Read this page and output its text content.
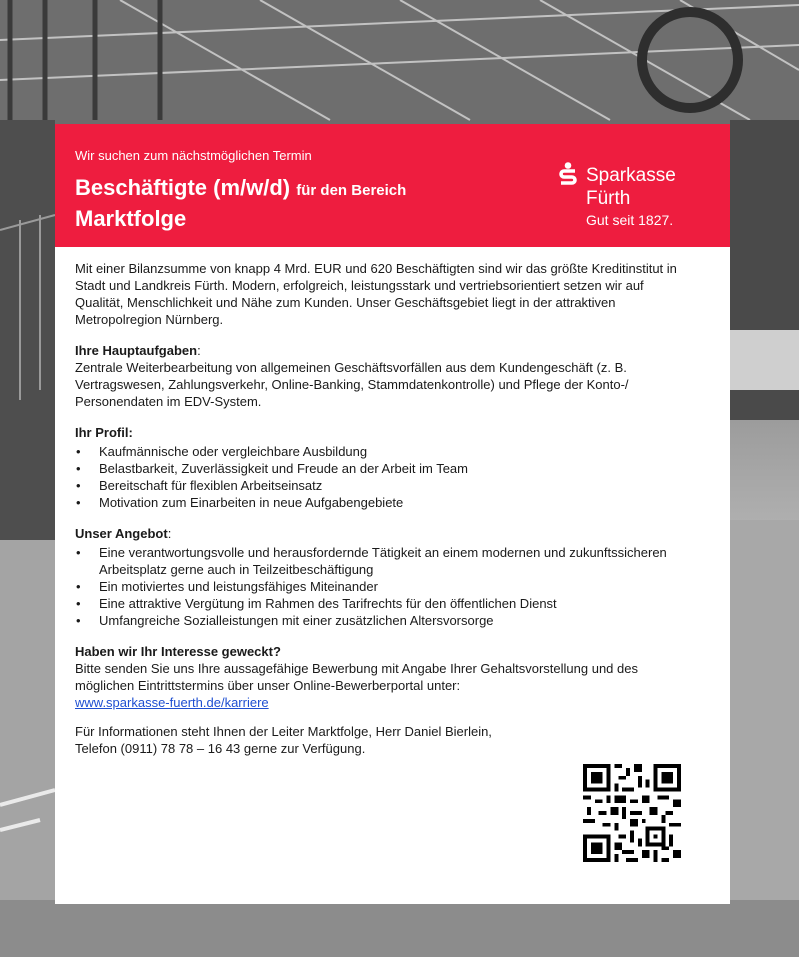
Wir suchen zum nächstmöglichen Termin
Beschäftigte (m/w/d) für den Bereich
Marktfolge
Sparkasse
Fürth
Gut seit 1827.

Mit einer Bilanzsumme von knapp 4 Mrd. EUR und 620 Beschäftigten sind wir das größte Kreditinstitut in Stadt und Landkreis Fürth. Modern, erfolgreich, leistungsstark und vertriebsorientiert setzen wir auf Qualität, Menschlichkeit und Nähe zum Kunden. Unser Geschäftsgebiet liegt in der attraktiven Metropolregion Nürnberg.

Ihre Hauptaufgaben:

Zentrale Weiterbearbeitung von allgemeinen Geschäftsvorfällen aus dem Kundengeschäft (z. B. Vertragswesen, Zahlungsverkehr, Online-Banking, Stammdatenkontrolle) und Pflege der Konto-/ Personendaten im EDV-System.

Ihr Profil:

• Kaufmännische oder vergleichbare Ausbildung
• Belastbarkeit, Zuverlässigkeit und Freude an der Arbeit im Team
• Bereitschaft für flexiblen Arbeitseinsatz
• Motivation zum Einarbeiten in neue Aufgabengebiete

Unser Angebot:

• Eine verantwortungsvolle und herausfordernde Tätigkeit an einem modernen und zukunftssicheren Arbeitsplatz gerne auch in Teilzeitbeschäftigung
• Ein motiviertes und leistungsfähiges Miteinander
• Eine attraktive Vergütung im Rahmen des Tarifrechts für den öffentlichen Dienst
• Umfangreiche Sozialleistungen mit einer zusätzlichen Altersvorsorge

Haben wir Ihr Interesse geweckt?

Bitte senden Sie uns Ihre aussagefähige Bewerbung mit Angabe Ihrer Gehaltsvorstellung und des möglichen Eintrittstermins über unser Online-Bewerberportal unter:

www.sparkasse-fuerth.de/karriere

Für Informationen steht Ihnen der Leiter Marktfolge, Herr Daniel Bierlein,

Telefon (0911) 78 78 – 16 43 gerne zur Verfügung.
